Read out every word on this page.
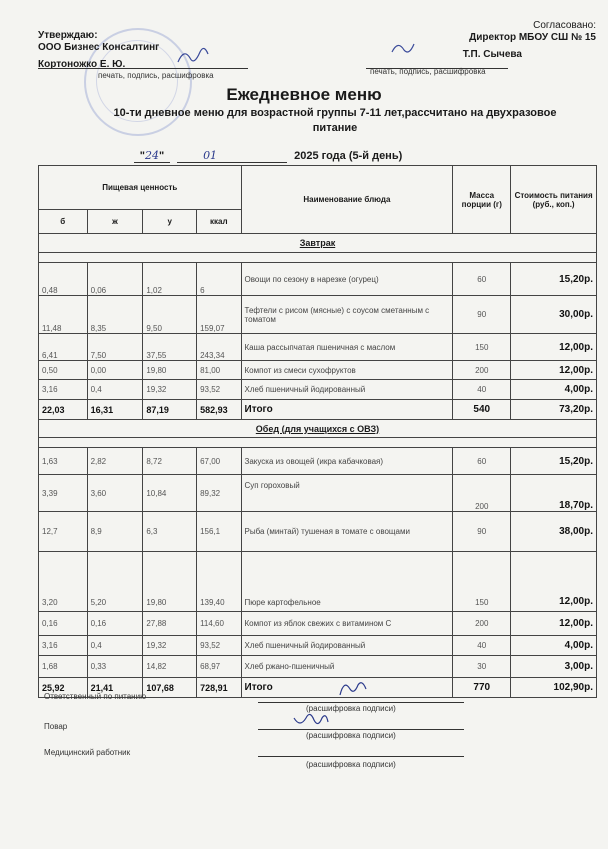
Утверждаю:
ООО Бизнес Консалтинг
Кортоножко Е. Ю.
печать, подпись, расшифровка
Согласовано:
Директор МБОУ СШ № 15
Т.П. Сычева
печать, подпись, расшифровка
Ежедневное меню
10-ти дневное меню для возрастной группы 7-11 лет,рассчитано на двухразовое питание
"24"	01	2025 года (5-й день)
Пищевая ценность				Наименование блюда	Масса порции (г)	Стоимость питания (руб., коп.)
б	ж	у	ккал			
Завтрак						

0,48	0,06	1,02	6	Овощи по сезону в нарезке (огурец)	60	15,20р.
11,48	8,35	9,50	159,07	Тефтели с рисом (мясные) с соусом сметанным с томатом	90	30,00р.
6,41	7,50	37,55	243,34	Каша рассыпчатая пшеничная с маслом	150	12,00р.
0,50	0,00	19,80	81,00	Компот из смеси сухофруктов	200	12,00р.
3,16	0,4	19,32	93,52	Хлеб пшеничный йодированный	40	4,00р.
22,03	16,31	87,19	582,93	Итого	540	73,20р.
Обед (для учащихся с ОВЗ)						

1,63	2,82	8,72	67,00	Закуска из овощей (икра кабачковая)	60	15,20р.
3,39	3,60	10,84	89,32	Суп гороховый	200	18,70р.
12,7	8,9	6,3	156,1	Рыба (минтай) тушеная в томате с овощами	90	38,00р.
3,20	5,20	19,80	139,40	Пюре картофельное	150	12,00р.
0,16	0,16	27,88	114,60	Компот из яблок свежих с витамином С	200	12,00р.
3,16	0,4	19,32	93,52	Хлеб пшеничный йодированный	40	4,00р.
1,68	0,33	14,82	68,97	Хлеб ржано-пшеничный	30	3,00р.
25,92	21,41	107,68	728,91	Итого	770	102,90р.
Ответственный по питанию
(расшифровка подписи)
Повар
(расшифровка подписи)
Медицинский работник
(расшифровка подписи)
